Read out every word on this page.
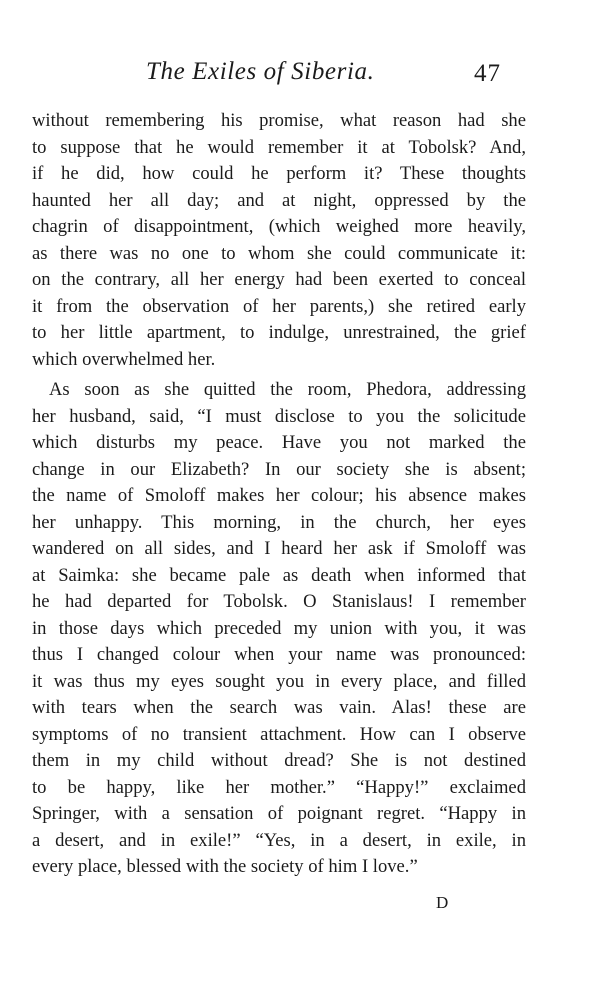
The Exiles of Siberia.	47
without remembering his promise, what reason had she
to suppose that he would remember it at Tobolsk? And,
if he did, how could he perform it? These thoughts
haunted her all day; and at night, oppressed by the
chagrin of disappointment, (which weighed more heavily,
as there was no one to whom she could communicate it:
on the contrary, all her energy had been exerted to conceal
it from the observation of her parents,) she retired early
to her little apartment, to indulge, unrestrained, the grief
which overwhelmed her.
As soon as she quitted the room, Phedora, addressing
her husband, said, “I must disclose to you the solicitude
which disturbs my peace. Have you not marked the
change in our Elizabeth? In our society she is absent;
the name of Smoloff makes her colour; his absence makes
her unhappy. This morning, in the church, her eyes
wandered on all sides, and I heard her ask if Smoloff was
at Saimka: she became pale as death when informed that
he had departed for Tobolsk. O Stanislaus! I remember
in those days which preceded my union with you, it was
thus I changed colour when your name was pronounced:
it was thus my eyes sought you in every place, and filled
with tears when the search was vain. Alas! these are
symptoms of no transient attachment. How can I observe
them in my child without dread? She is not destined
to be happy, like her mother.” “Happy!” exclaimed
Springer, with a sensation of poignant regret. “Happy in
a desert, and in exile!” “Yes, in a desert, in exile, in
every place, blessed with the society of him I love.”
D
